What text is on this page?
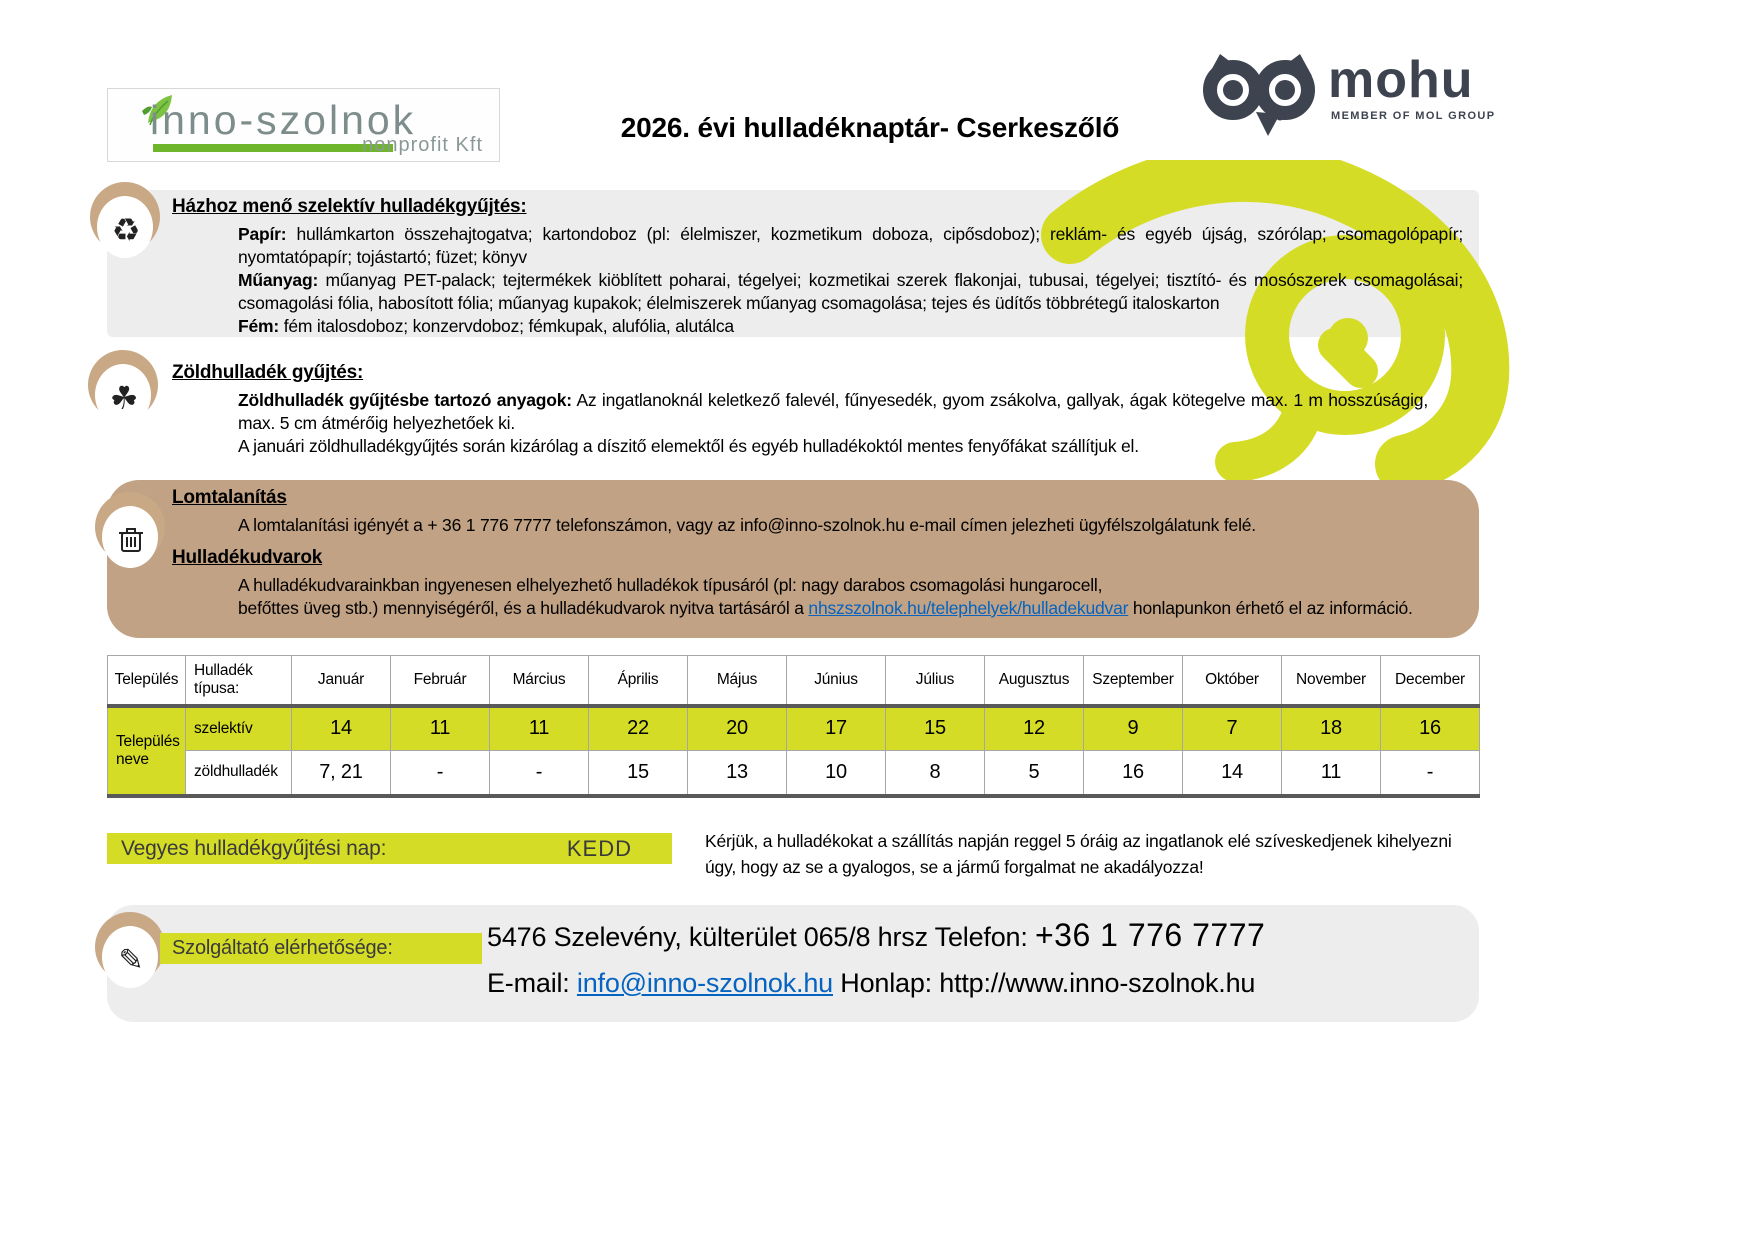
inno-szolnok
nonprofit Kft
2026. évi hulladéknaptár- Cserkeszőlő
mohu
MEMBER OF MOL GROUP
♻
Házhoz menő szelektív hulladékgyűjtés:

Papír: hullámkarton összehajtogatva; kartondoboz (pl: élelmiszer, kozmetikum doboza, cipősdoboz); reklám- és egyéb újság, szórólap; csomagolópapír; nyomtatópapír; tojástartó; füzet; könyv

Műanyag: műanyag PET-palack; tejtermékek kiöblített poharai, tégelyei; kozmetikai szerek flakonjai, tubusai, tégelyei; tisztító- és mosószerek csomagolásai; csomagolási fólia, habosított fólia; műanyag kupakok; élelmiszerek műanyag csomagolása; tejes és üdítős többrétegű italoskarton

Fém: fém italosdoboz; konzervdoboz; fémkupak, alufólia, alutálca

☘
Zöldhulladék gyűjtés:

Zöldhulladék gyűjtésbe tartozó anyagok: Az ingatlanoknál keletkező falevél, fűnyesedék, gyom zsákolva, gallyak, ágak kötegelve max. 1 m hosszúságig, max. 5 cm átmérőig helyezhetőek ki.

A januári zöldhulladékgyűjtés során kizárólag a díszitő elemektől és egyéb hulladékoktól mentes fenyőfákat szállítjuk el.

Lomtalanítás

A lomtalanítási igényét a + 36 1 776 7777 telefonszámon, vagy az info@inno-szolnok.hu e-mail címen jelezheti ügyfélszolgálatunk felé.

Hulladékudvarok

A hulladékudvarainkban ingyenesen elhelyezhető hulladékok típusáról (pl: nagy darabos csomagolási hungarocell,
befőttes üveg stb.) mennyiségéről, és a hulladékudvarok nyitva tartásáról a nhszszolnok.hu/telephelyek/hulladekudvar honlapunkon érhető el az információ.

Település	Hulladék típusa:	Január	Február	Március	Április	Május	Június	Július	Augusztus	Szeptember	Október	November	December
Település neve	szelektív	14	11	11	22	20	17	15	12	9	7	18	16
	zöldhulladék	7, 21	-	-	15	13	10	8	5	16	14	11	-
Vegyes hulladékgyűjtési nap:	KEDD	Kérjük, a hulladékokat a szállítás napján reggel 5 óráig az ingatlanok elé szíveskedjenek kihelyezni úgy, hogy az se a gyalogos, se a jármű forgalmat ne akadályozza!
✎	Szolgáltató elérhetősége:	5476 Szelevény, külterület 065/8 hrsz Telefon: +36 1 776 7777
E-mail: info@inno-szolnok.hu Honlap: http://www.inno-szolnok.hu
